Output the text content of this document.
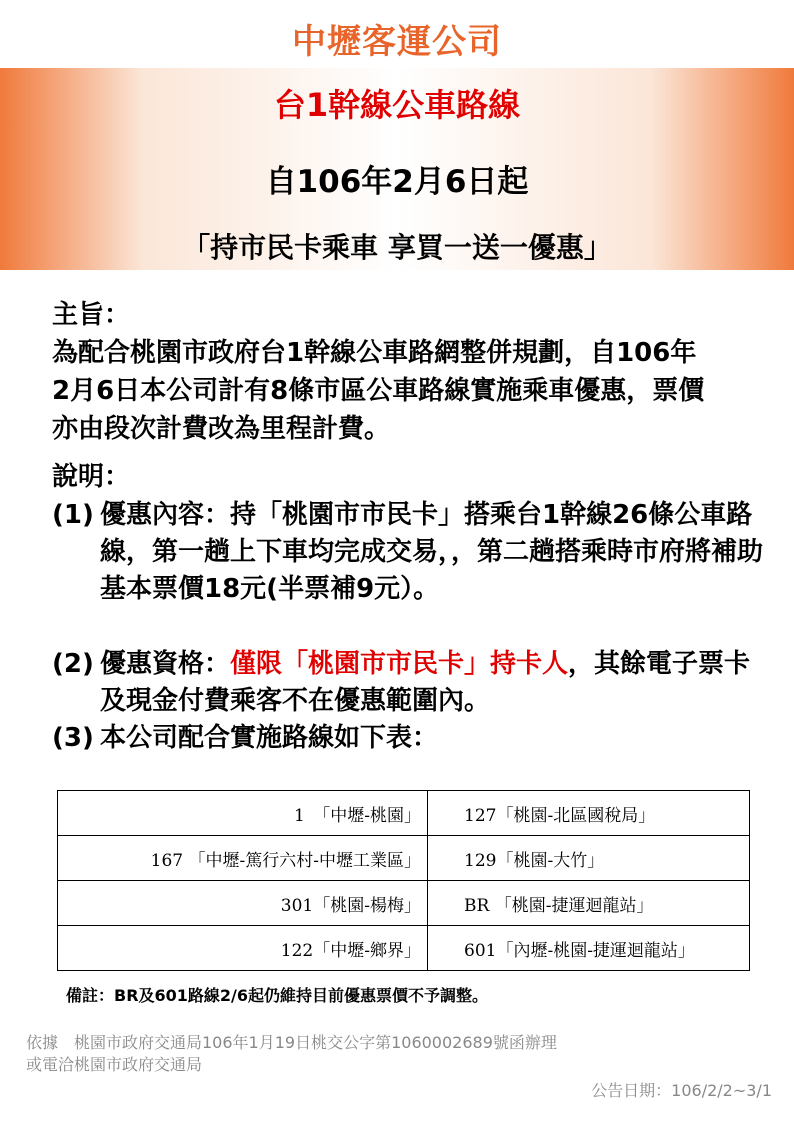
中壢客運公司
台1幹線公車路線
自106年2月6日起
「持市民卡乘車 享買一送一優惠」
主旨：
為配合桃園市政府台1幹線公車路網整併規劃，自106年2月6日本公司計有8條市區公車路線實施乘車優惠，票價亦由段次計費改為里程計費。
說明：
(1) 優惠內容：持「桃園市市民卡」搭乘台1幹線26條公車路線，第一趟上下車均完成交易，，第二趟搭乘時市府將補助基本票價18元(半票補9元）。
(2) 優惠資格：僅限「桃園市市民卡」持卡人，其餘電子票卡及現金付費乘客不在優惠範圍內。
(3) 本公司配合實施路線如下表：
1　「中壢-桃園」	127「桃園-北區國稅局」
167 「中壢-篤行六村-中壢工業區」	129「桃園-大竹」
301「桃園-楊梅」	BR 「桃園-捷運迴龍站」
122「中壢-鄉界」	601「內壢-桃園-捷運迴龍站」
備註：BR及601路線2/6起仍維持目前優惠票價不予調整。
依據　桃園市政府交通局106年1月19日桃交公字第1060002689號函辦理
或電洽桃園市政府交通局
公告日期：106/2/2~3/1
